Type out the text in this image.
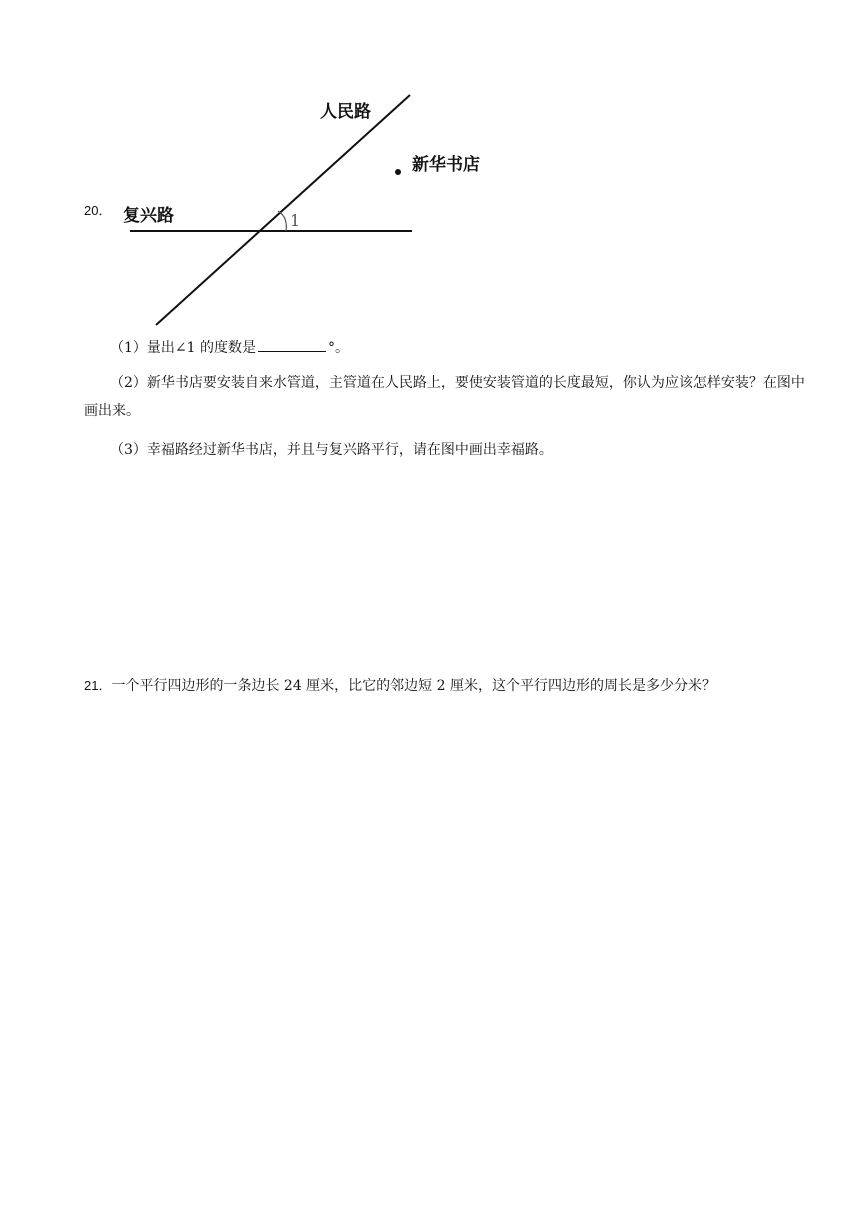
20．
人民路
新华书店
复兴路	1
（1）量出∠1 的度数是	°。
（2）新华书店要安装自来水管道，主管道在人民路上，要使安装管道的长度最短，你认为应该怎样安装？在图中画出来。
（3）幸福路经过新华书店，并且与复兴路平行，请在图中画出幸福路。
21．一个平行四边形的一条边长 24 厘米，比它的邻边短 2 厘米，这个平行四边形的周长是多少分米？
